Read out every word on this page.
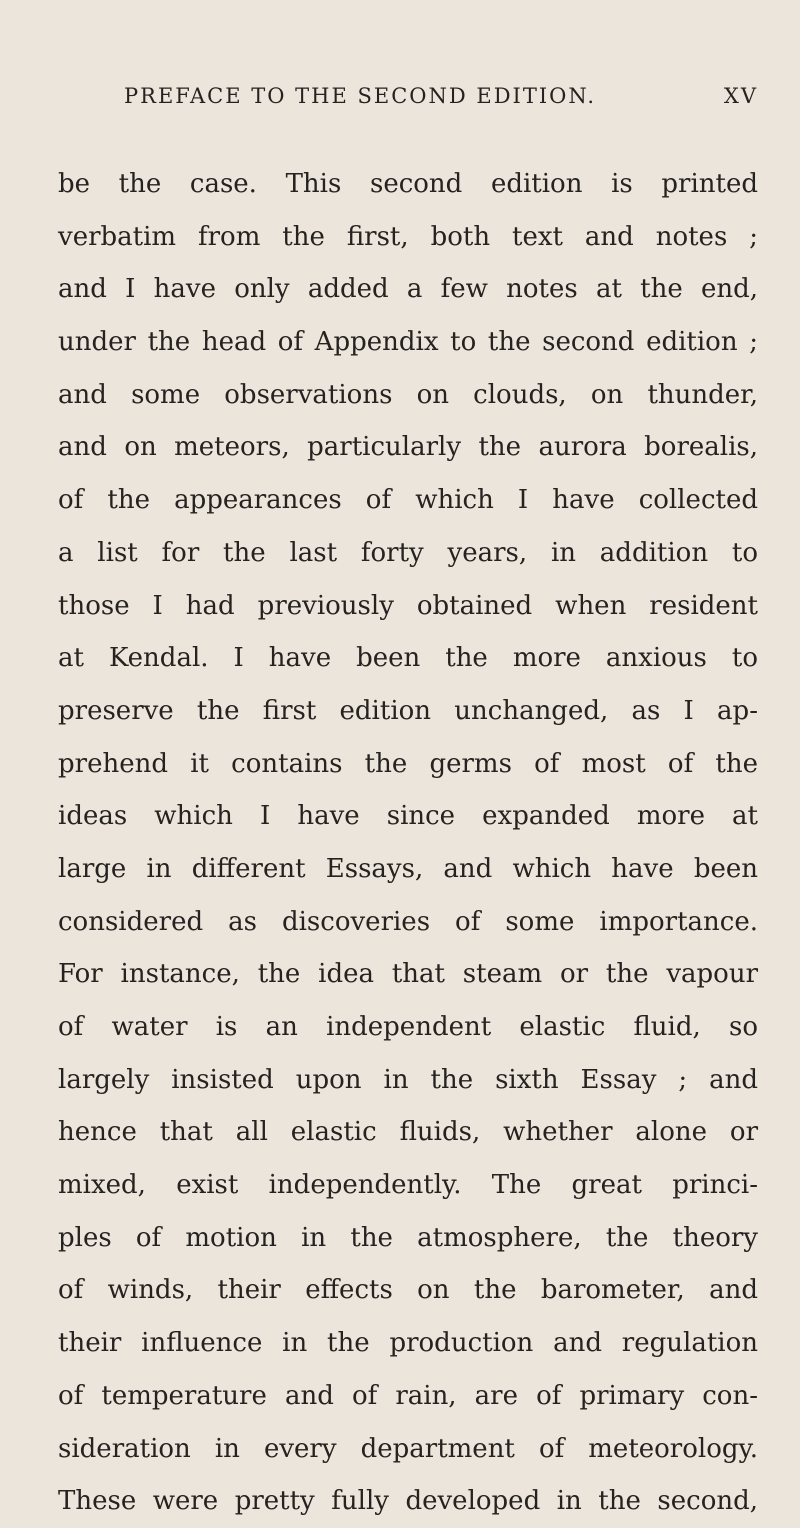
PREFACE TO THE SECOND EDITION.	XV
be the case. This second edition is printed
verbatim from the first, both text and notes ;
and I have only added a few notes at the end,
under the head of Appendix to the second edition ;
and some observations on clouds, on thunder,
and on meteors, particularly the aurora borealis,
of the appearances of which I have collected
a list for the last forty years, in addition to
those I had previously obtained when resident
at Kendal. I have been the more anxious to
preserve the first edition unchanged, as I ap-
prehend it contains the germs of most of the
ideas which I have since expanded more at
large in different Essays, and which have been
considered as discoveries of some importance.
For instance, the idea that steam or the vapour
of water is an independent elastic fluid, so
largely insisted upon in the sixth Essay ; and
hence that all elastic fluids, whether alone or
mixed, exist independently. The great princi-
ples of motion in the atmosphere, the theory
of winds, their effects on the barometer, and
their influence in the production and regulation
of temperature and of rain, are of primary con-
sideration in every department of meteorology.
These were pretty fully developed in the second,
